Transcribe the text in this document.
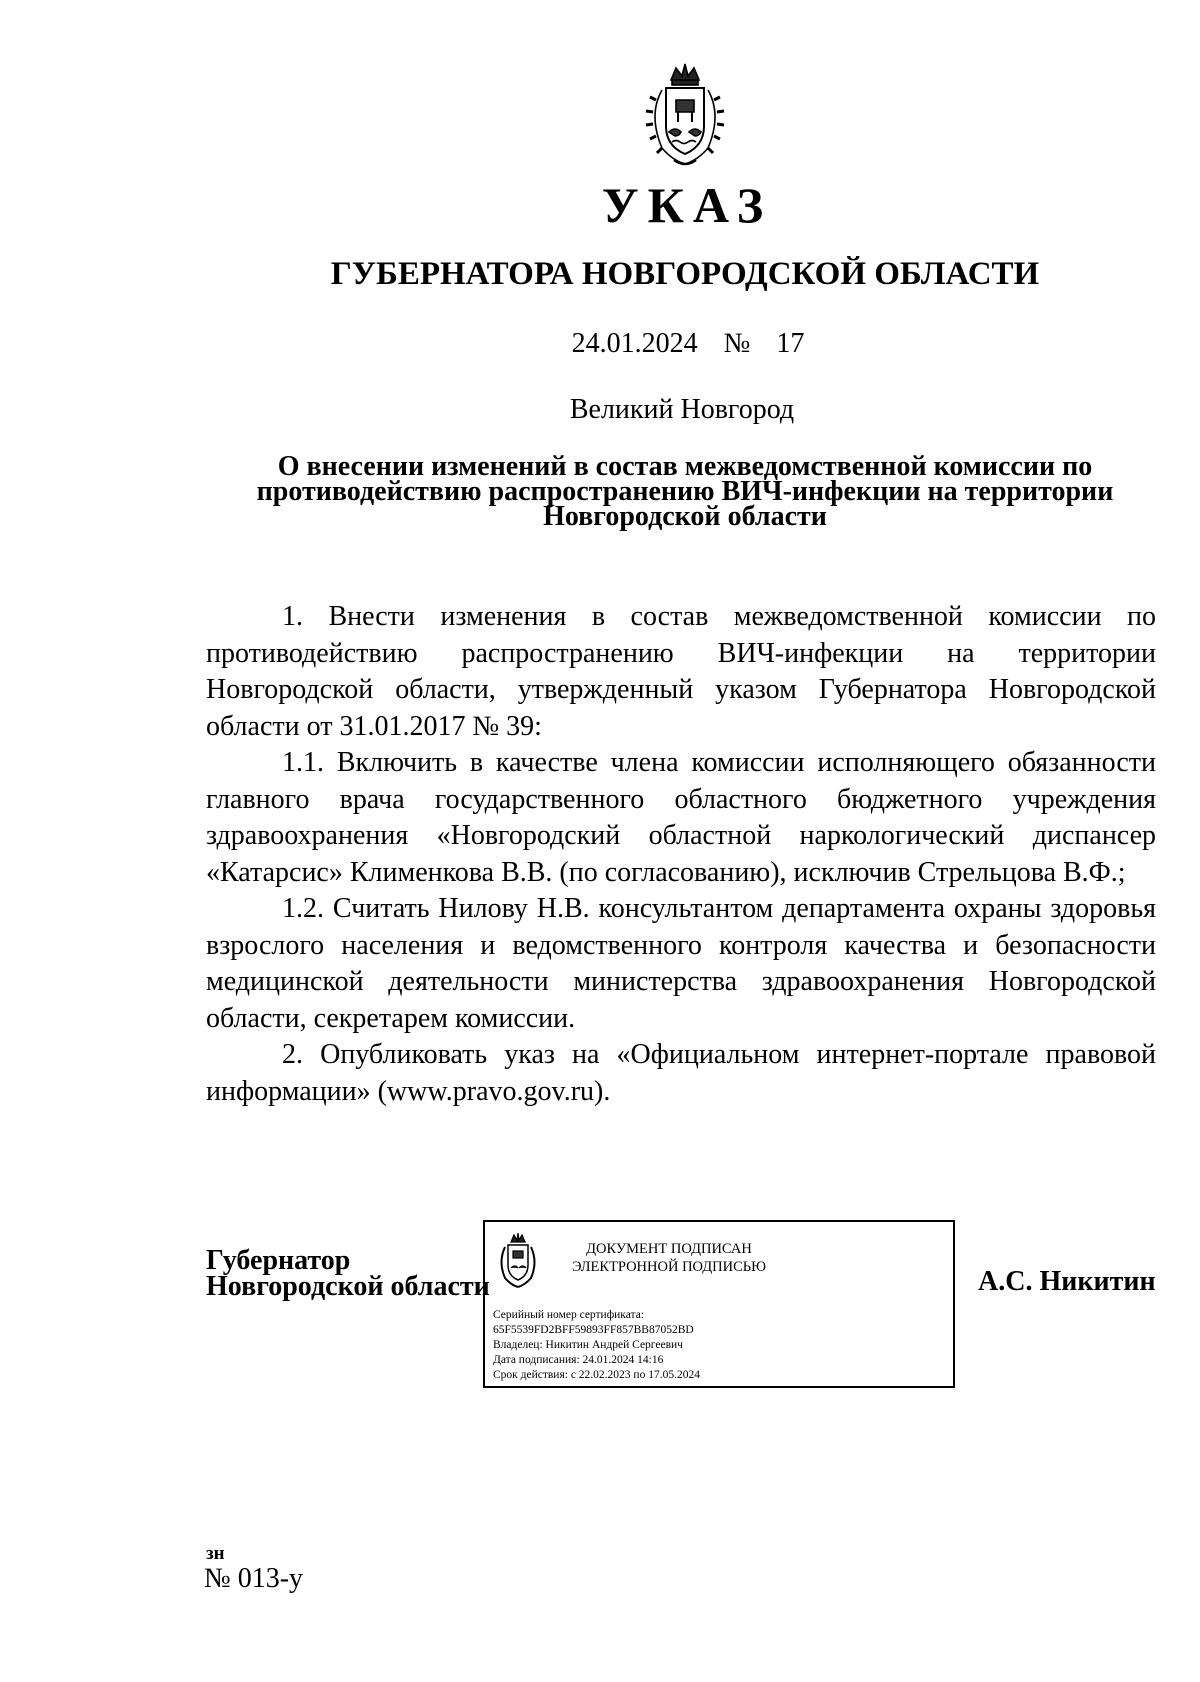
УКАЗ
ГУБЕРНАТОРА НОВГОРОДСКОЙ ОБЛАСТИ
24.01.2024  №  17
Великий Новгород
О внесении изменений в состав межведомственной комиссии по противодействию распространению ВИЧ-инфекции на территории Новгородской области

1. Внести изменения в состав межведомственной комиссии по противодействию распространению ВИЧ-инфекции на территории Новгородской области, утвержденный указом Губернатора Новгородской области от 31.01.2017 № 39:

1.1. Включить в качестве члена комиссии исполняющего обязанности главного врача государственного областного бюджетного учреждения здравоохранения «Новгородский областной наркологический диспансер «Катарсис» Клименкова В.В. (по согласованию), исключив Стрельцова В.Ф.;

1.2. Считать Нилову Н.В. консультантом департамента охраны здоровья взрослого населения и ведомственного контроля качества и безопасности медицинской деятельности министерства здравоохранения Новгородской области, секретарем комиссии.

2. Опубликовать указ на «Официальном интернет-портале правовой информации» (www.pravo.gov.ru).

Губернатор
Новгородской области
ДОКУМЕНТ ПОДПИСАН
ЭЛЕКТРОННОЙ ПОДПИСЬЮ
Серийный номер сертификата:
65F5539FD2BFF59893FF857BB87052BD
Владелец: Никитин Андрей Сергеевич
Дата подписания: 24.01.2024 14:16
Срок действия: с 22.02.2023 по 17.05.2024
А.С. Никитин
зн
№ 013-у
